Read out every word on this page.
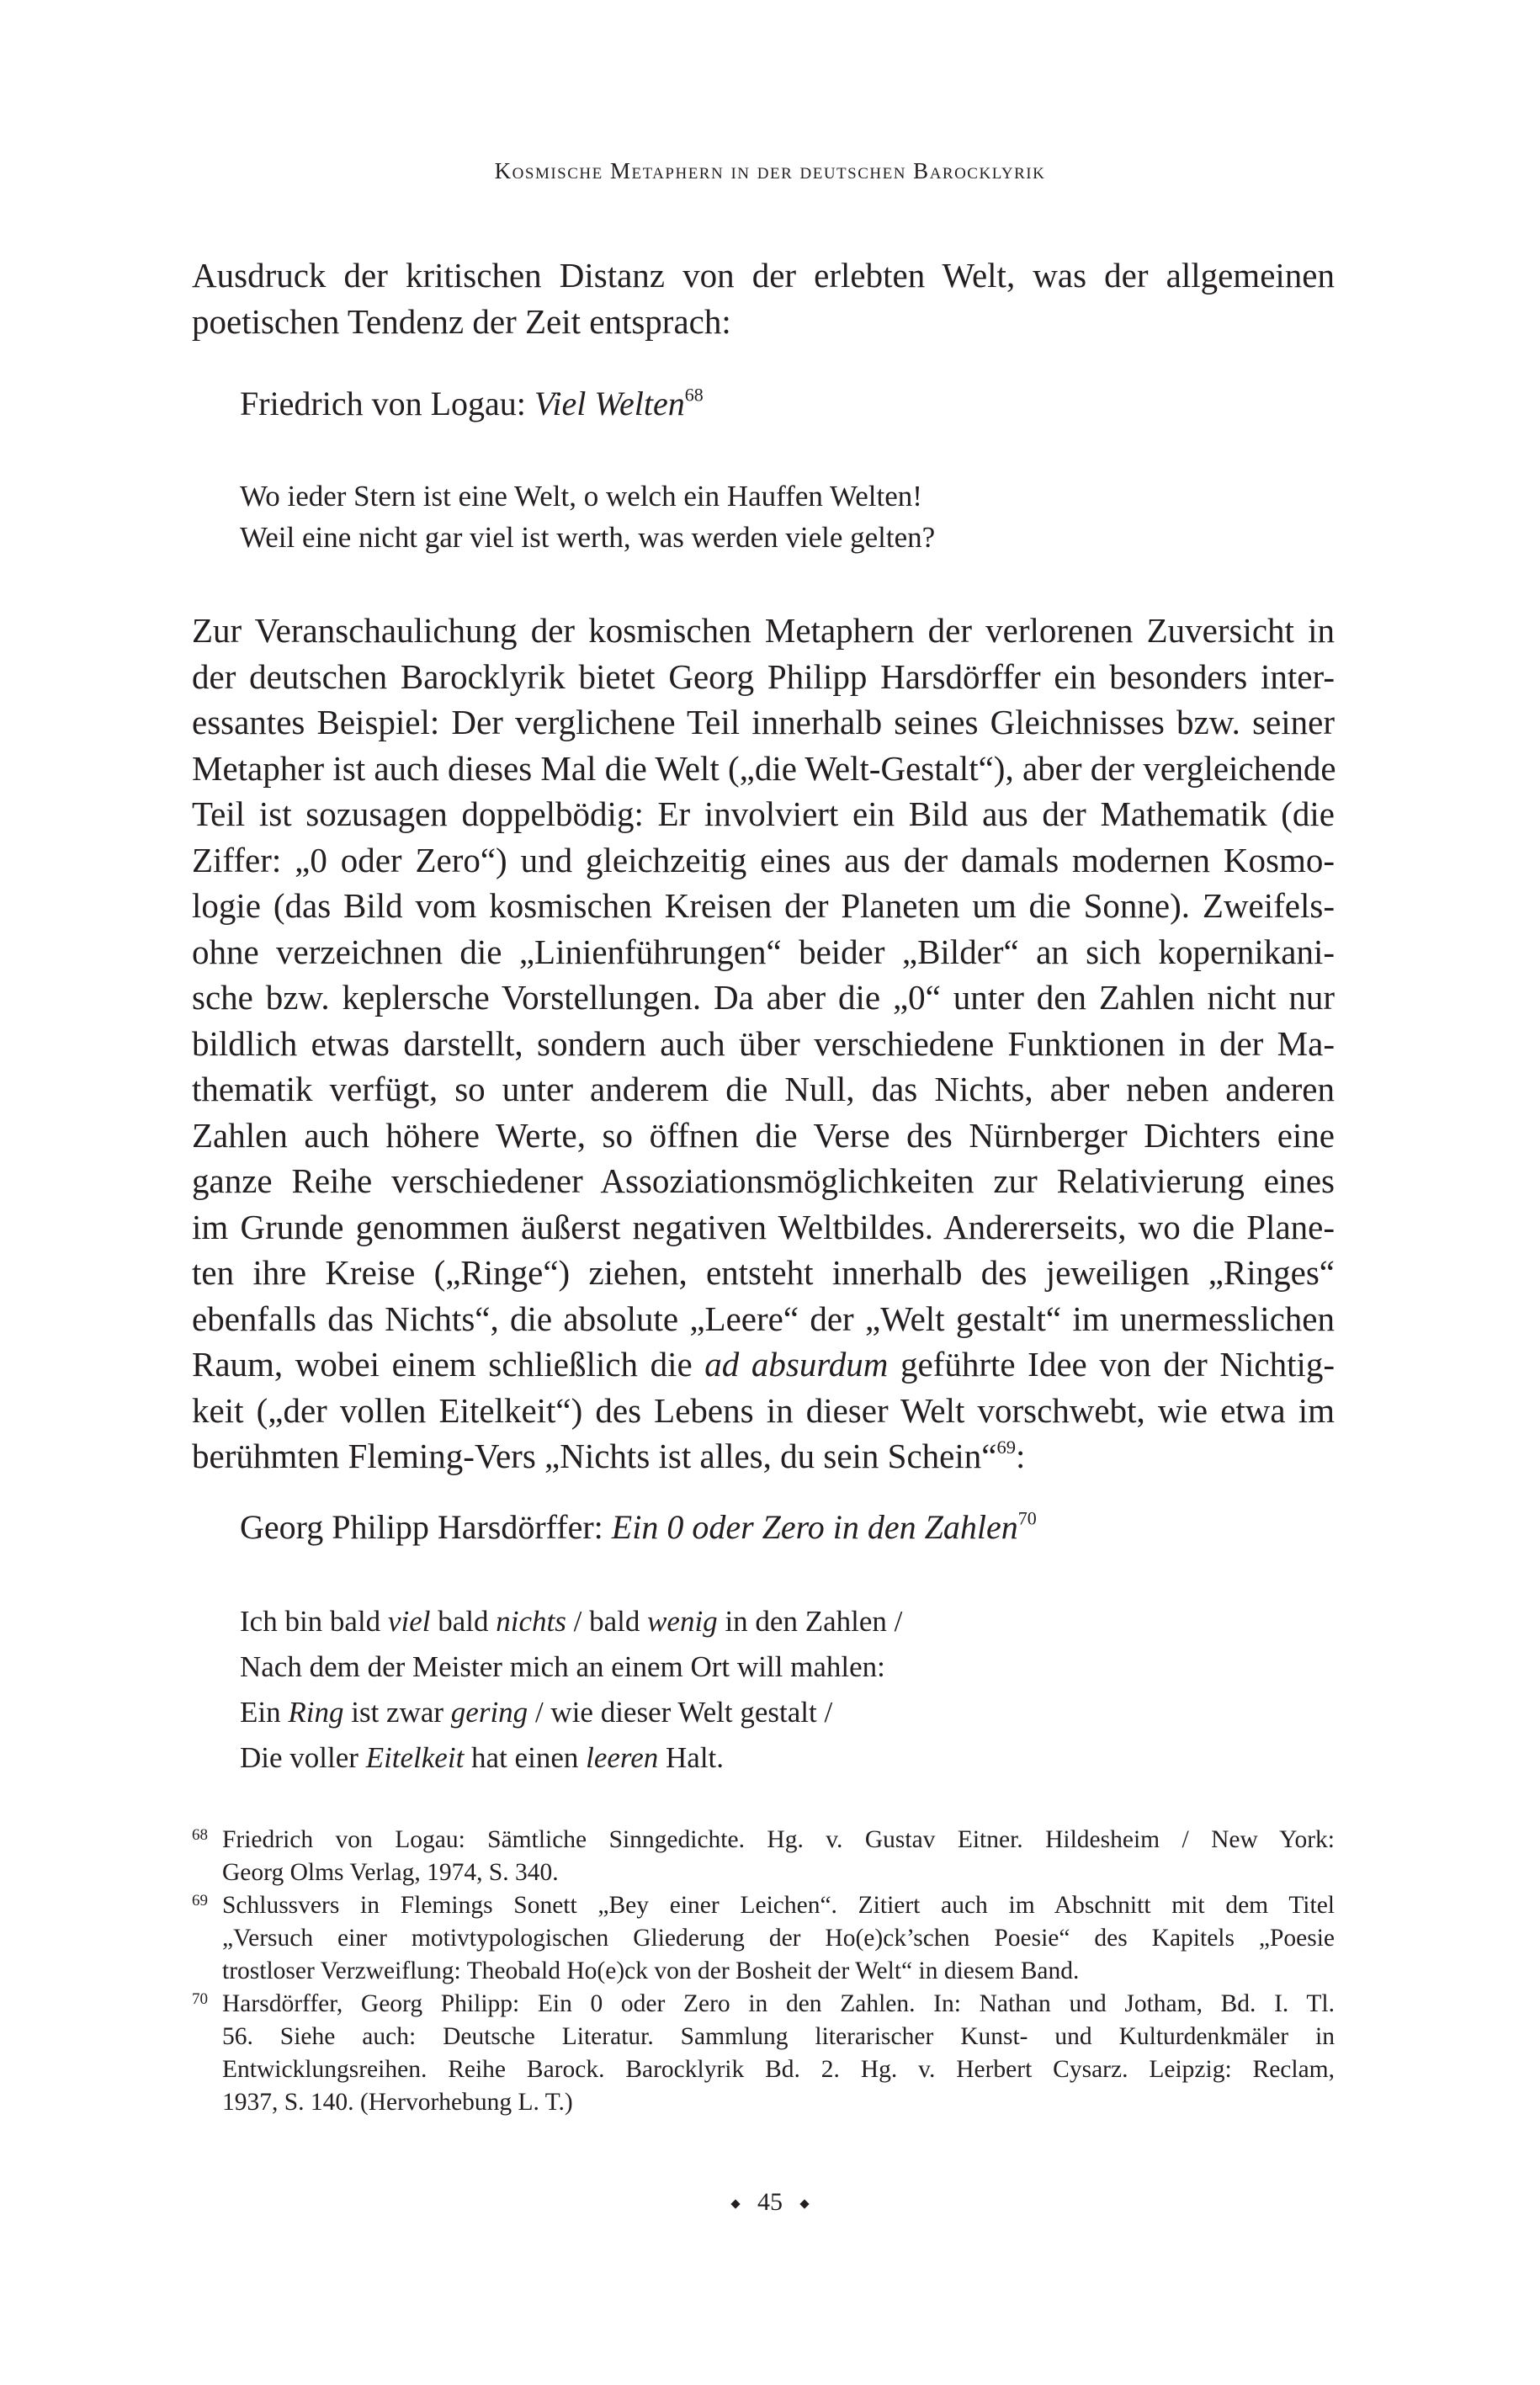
Kosmische Metaphern in der deutschen Barocklyrik
Ausdruck der kritischen Distanz von der erlebten Welt, was der allgemeinen
poetischen Tendenz der Zeit entsprach:
Friedrich von Logau: Viel Welten$^{68}$
Wo ieder Stern ist eine Welt, o welch ein Hauffen Welten!
Weil eine nicht gar viel ist werth, was werden viele gelten?
Zur Veranschaulichung der kosmischen Metaphern der verlorenen Zuversicht in
der deutschen Barocklyrik bietet Georg Philipp Harsdörffer ein besonders inter-
essantes Beispiel: Der verglichene Teil innerhalb seines Gleichnisses bzw. seiner
Metapher ist auch dieses Mal die Welt („die Welt-Gestalt“), aber der vergleichende
Teil ist sozusagen doppelbödig: Er involviert ein Bild aus der Mathematik (die
Ziffer: „0 oder Zero“) und gleichzeitig eines aus der damals modernen Kosmo-
logie (das Bild vom kosmischen Kreisen der Planeten um die Sonne). Zweifels-
ohne verzeichnen die „Linienführungen“ beider „Bilder“ an sich kopernikani-
sche bzw. keplersche Vorstellungen. Da aber die „0“ unter den Zahlen nicht nur
bildlich etwas darstellt, sondern auch über verschiedene Funktionen in der Ma-
thematik verfügt, so unter anderem die Null, das Nichts, aber neben anderen
Zahlen auch höhere Werte, so öffnen die Verse des Nürnberger Dichters eine
ganze Reihe verschiedener Assoziationsmöglichkeiten zur Relativierung eines
im Grunde genommen äußerst negativen Weltbildes. Andererseits, wo die Plane-
ten ihre Kreise („Ringe“) ziehen, entsteht innerhalb des jeweiligen „Ringes“
ebenfalls das Nichts“, die absolute „Leere“ der „Welt gestalt“ im unermesslichen
Raum, wobei einem schließlich die ad absurdum geführte Idee von der Nichtig-
keit („der vollen Eitelkeit“) des Lebens in dieser Welt vorschwebt, wie etwa im
berühmten Fleming-Vers „Nichts ist alles, du sein Schein“$^{69}$:
Georg Philipp Harsdörffer: Ein 0 oder Zero in den Zahlen$^{70}$
Ich bin bald viel bald nichts / bald wenig in den Zahlen /
Nach dem der Meister mich an einem Ort will mahlen:
Ein Ring ist zwar gering / wie dieser Welt gestalt /
Die voller Eitelkeit hat einen leeren Halt.
68 Friedrich von Logau: Sämtliche Sinngedichte. Hg. v. Gustav Eitner. Hildesheim / New York:
Georg Olms Verlag, 1974, S. 340.
69 Schlussvers in Flemings Sonett „Bey einer Leichen“. Zitiert auch im Abschnitt mit dem Titel
„Versuch einer motivtypologischen Gliederung der Ho(e)ck’schen Poesie“ des Kapitels „Poesie
trostloser Verzweiflung: Theobald Ho(e)ck von der Bosheit der Welt“ in diesem Band.
70 Harsdörffer, Georg Philipp: Ein 0 oder Zero in den Zahlen. In: Nathan und Jotham, Bd. I. Tl.
56. Siehe auch: Deutsche Literatur. Sammlung literarischer Kunst- und Kulturdenkmäler in
Entwicklungsreihen. Reihe Barock. Barocklyrik Bd. 2. Hg. v. Herbert Cysarz. Leipzig: Reclam,
1937, S. 140. (Hervorhebung L. T.)
45
